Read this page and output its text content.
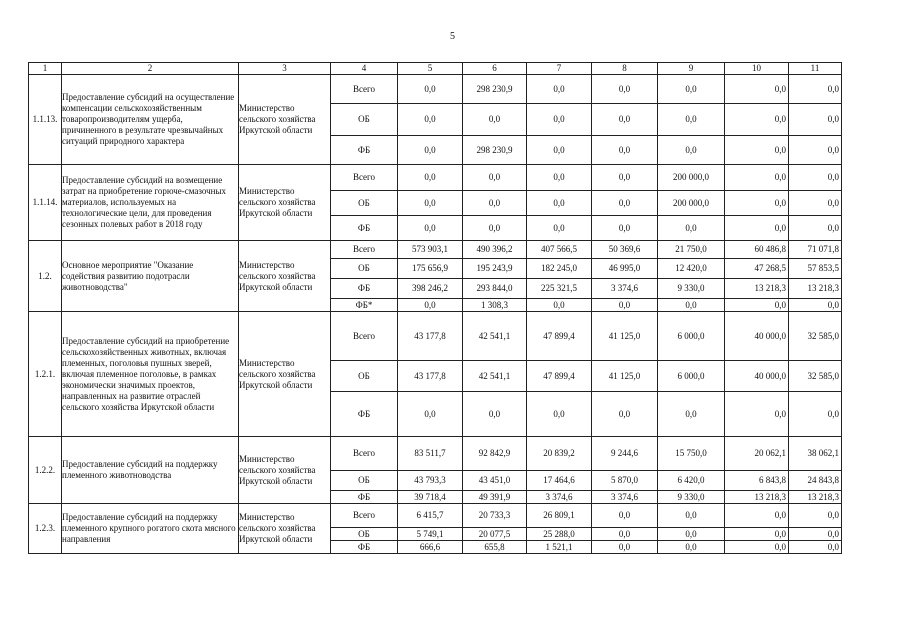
5
1	2	3	4	5	6	7	8	9	10	11
1.1.13.	Предоставление субсидий на осуществление компенсации сельскохозяйственным товаропроизводителям ущерба, причиненного в результате чрезвычайных ситуаций природного характера	Министерство сельского хозяйства Иркутской области	Всего	0,0	298 230,9	0,0	0,0	0,0	0,0	0,0
			ОБ	0,0	0,0	0,0	0,0	0,0	0,0	0,0
			ФБ	0,0	298 230,9	0,0	0,0	0,0	0,0	0,0
1.1.14.	Предоставление субсидий на возмещение затрат на приобретение горюче-смазочных материалов, используемых на технологические цели, для проведения сезонных полевых работ в 2018 году	Министерство сельского хозяйства Иркутской области	Всего	0,0	0,0	0,0	0,0	200 000,0	0,0	0,0
			ОБ	0,0	0,0	0,0	0,0	200 000,0	0,0	0,0
			ФБ	0,0	0,0	0,0	0,0	0,0	0,0	0,0
1.2.	Основное мероприятие "Оказание содействия развитию подотрасли животноводства"	Министерство сельского хозяйства Иркутской области	Всего	573 903,1	490 396,2	407 566,5	50 369,6	21 750,0	60 486,8	71 071,8
			ОБ	175 656,9	195 243,9	182 245,0	46 995,0	12 420,0	47 268,5	57 853,5
			ФБ	398 246,2	293 844,0	225 321,5	3 374,6	9 330,0	13 218,3	13 218,3
			ФБ*	0,0	1 308,3	0,0	0,0	0,0	0,0	0,0
1.2.1.	Предоставление субсидий на приобретение сельскохозяйственных животных, включая племенных, поголовья пушных зверей, включая племенное поголовье, в рамках экономически значимых проектов, направленных на развитие отраслей сельского хозяйства Иркутской области	Министерство сельского хозяйства Иркутской области	Всего	43 177,8	42 541,1	47 899,4	41 125,0	6 000,0	40 000,0	32 585,0
			ОБ	43 177,8	42 541,1	47 899,4	41 125,0	6 000,0	40 000,0	32 585,0
			ФБ	0,0	0,0	0,0	0,0	0,0	0,0	0,0
1.2.2.	Предоставление субсидий на поддержку племенного животноводства	Министерство сельского хозяйства Иркутской области	Всего	83 511,7	92 842,9	20 839,2	9 244,6	15 750,0	20 062,1	38 062,1
			ОБ	43 793,3	43 451,0	17 464,6	5 870,0	6 420,0	6 843,8	24 843,8
			ФБ	39 718,4	49 391,9	3 374,6	3 374,6	9 330,0	13 218,3	13 218,3
1.2.3.	Предоставление субсидий на поддержку племенного крупного рогатого скота мясного направления	Министерство сельского хозяйства Иркутской области	Всего	6 415,7	20 733,3	26 809,1	0,0	0,0	0,0	0,0
			ОБ	5 749,1	20 077,5	25 288,0	0,0	0,0	0,0	0,0
			ФБ	666,6	655,8	1 521,1	0,0	0,0	0,0	0,0
